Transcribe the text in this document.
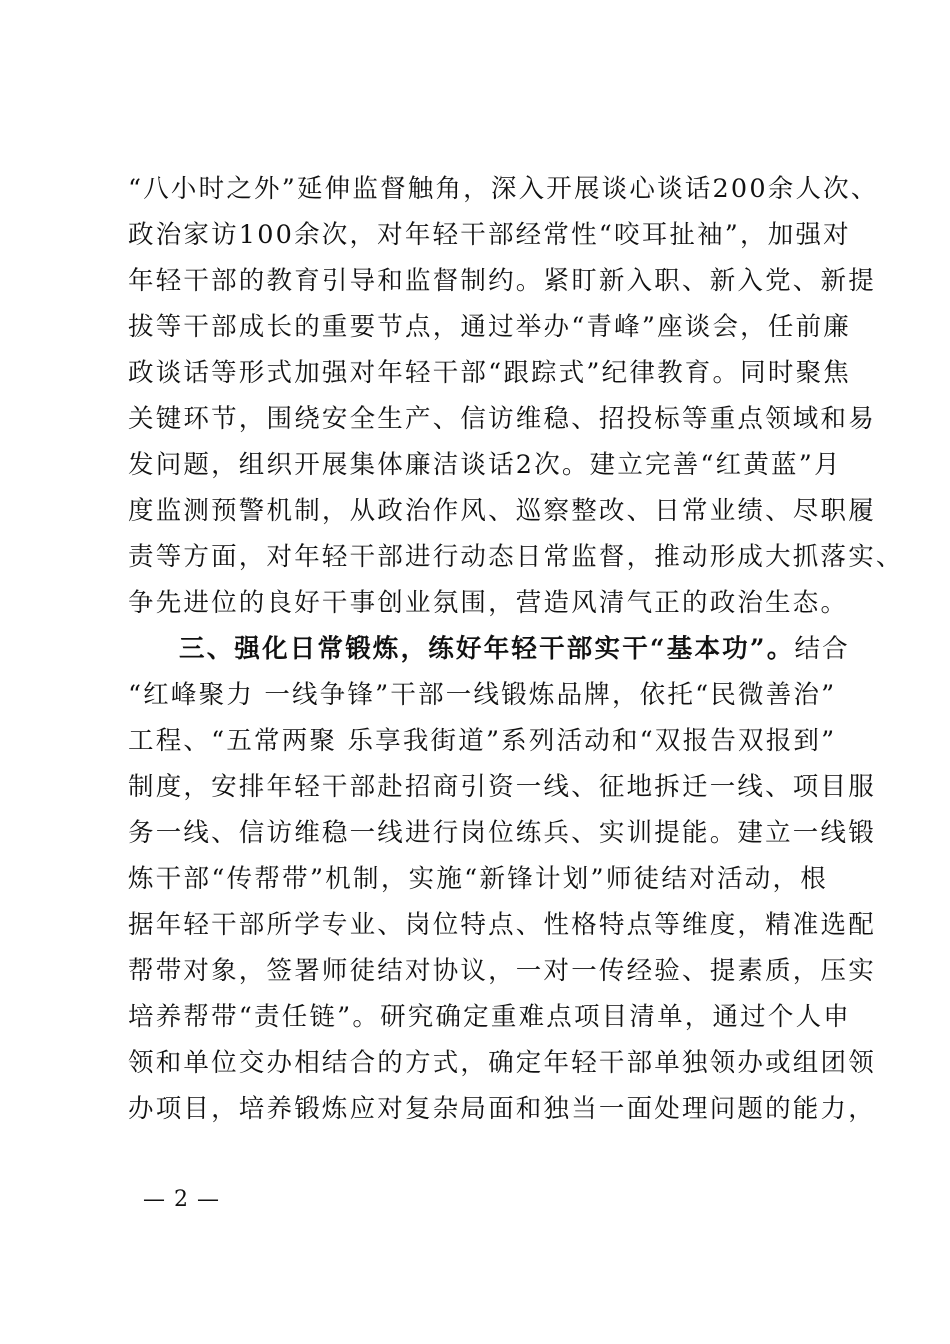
“八小时之外”延伸监督触角，深入开展谈心谈话200余人次、
政治家访100余次，对年轻干部经常性“咬耳扯袖”，加强对
年轻干部的教育引导和监督制约。紧盯新入职、新入党、新提
拔等干部成长的重要节点，通过举办“青峰”座谈会，任前廉
政谈话等形式加强对年轻干部“跟踪式”纪律教育。同时聚焦
关键环节，围绕安全生产、信访维稳、招投标等重点领域和易
发问题，组织开展集体廉洁谈话2次。建立完善“红黄蓝”月
度监测预警机制，从政治作风、巡察整改、日常业绩、尽职履
责等方面，对年轻干部进行动态日常监督，推动形成大抓落实、
争先进位的良好干事创业氛围，营造风清气正的政治生态。
三、强化日常锻炼，练好年轻干部实干“基本功”。结合
“红峰聚力 一线争锋”干部一线锻炼品牌，依托“民微善治”
工程、“五常两聚 乐享我街道”系列活动和“双报告双报到”
制度，安排年轻干部赴招商引资一线、征地拆迁一线、项目服
务一线、信访维稳一线进行岗位练兵、实训提能。建立一线锻
炼干部“传帮带”机制，实施“新锋计划”师徒结对活动，根
据年轻干部所学专业、岗位特点、性格特点等维度，精准选配
帮带对象，签署师徒结对协议，一对一传经验、提素质，压实
培养帮带“责任链”。研究确定重难点项目清单，通过个人申
领和单位交办相结合的方式，确定年轻干部单独领办或组团领
办项目，培养锻炼应对复杂局面和独当一面处理问题的能力，
— 2 —
